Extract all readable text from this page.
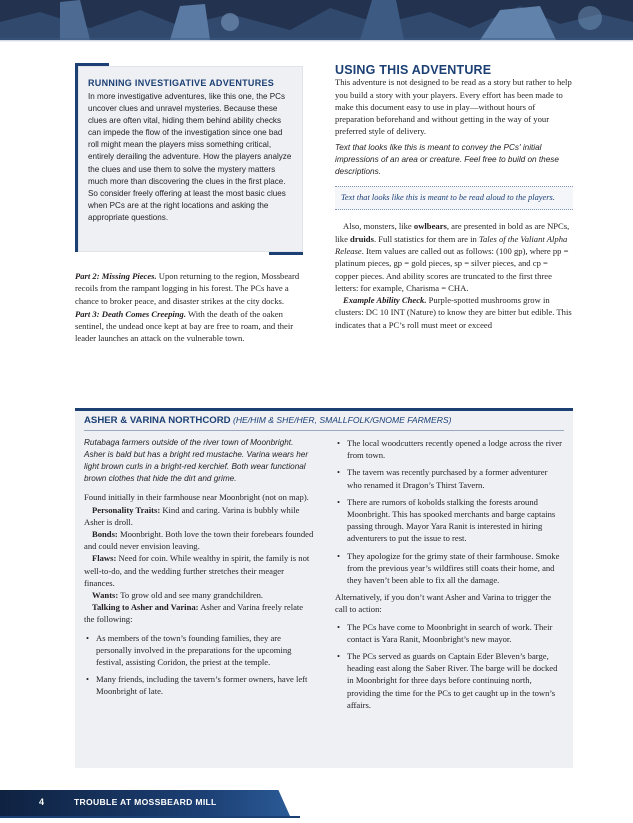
RUNNING INVESTIGATIVE ADVENTURES

In more investigative adventures, like this one, the PCs uncover clues and unravel mysteries. Because these clues are often vital, hiding them behind ability checks can impede the flow of the investigation since one bad roll might mean the players miss something critical, entirely derailing the adventure. How the players analyze the clues and use them to solve the mystery matters much more than discovering the clues in the first place. So consider freely offering at least the most basic clues when PCs are at the right locations and asking the appropriate questions.

Part 2: Missing Pieces. Upon returning to the region, Mossbeard recoils from the rampant logging in his forest. The PCs have a chance to broker peace, and disaster strikes at the city docks.

Part 3: Death Comes Creeping. With the death of the oaken sentinel, the undead once kept at bay are free to roam, and their leader launches an attack on the vulnerable town.

USING THIS ADVENTURE

This adventure is not designed to be read as a story but rather to help you build a story with your players. Every effort has been made to make this document easy to use in play—without hours of preparation beforehand and without getting in the way of your preferred style of delivery.

Text that looks like this is meant to convey the PCs' initial impressions of an area or creature. Feel free to build on these descriptions.

Text that looks like this is meant to be read aloud to the players.

Also, monsters, like owlbears, are presented in bold as are NPCs, like druids. Full statistics for them are in Tales of the Valiant Alpha Release. Item values are called out as follows: (100 gp), where pp = platinum pieces, gp = gold pieces, sp = silver pieces, and cp = copper pieces. And ability scores are truncated to the first three letters: for example, Charisma = CHA.

Example Ability Check. Purple-spotted mushrooms grow in clusters: DC 10 INT (Nature) to know they are bitter but edible. This indicates that a PC’s roll must meet or exceed

ASHER & VARINA NORTHCORD (HE/HIM & SHE/HER, SMALLFOLK/GNOME FARMERS)

Rutabaga farmers outside of the river town of Moonbright. Asher is bald but has a bright red mustache. Varina wears her light brown curls in a bright-red kerchief. Both wear functional brown clothes that hide the dirt and grime.

Found initially in their farmhouse near Moonbright (not on map).

Personality Traits: Kind and caring. Varina is bubbly while Asher is droll.

Bonds: Moonbright. Both love the town their forebears founded and could never envision leaving.

Flaws: Need for coin. While wealthy in spirit, the family is not well-to-do, and the wedding further stretches their meager finances.

Wants: To grow old and see many grandchildren.

Talking to Asher and Varina: Asher and Varina freely relate the following:

• As members of the town’s founding families, they are personally involved in the preparations for the upcoming festival, assisting Coridon, the priest at the temple.

• Many friends, including the tavern’s former owners, have left Moonbright of late.

• The local woodcutters recently opened a lodge across the river from town.

• The tavern was recently purchased by a former adventurer who renamed it Dragon’s Thirst Tavern.

• There are rumors of kobolds stalking the forests around Moonbright. This has spooked merchants and barge captains passing through. Mayor Yara Ranit is interested in hiring adventurers to put the issue to rest.

• They apologize for the grimy state of their farmhouse. Smoke from the previous year’s wildfires still coats their home, and they haven’t been able to fix all the damage.

Alternatively, if you don’t want Asher and Varina to trigger the call to action:

• The PCs have come to Moonbright in search of work. Their contact is Yara Ranit, Moonbright’s new mayor.

• The PCs served as guards on Captain Eder Bleven’s barge, heading east along the Saber River. The barge will be docked in Moonbright for three days before continuing north, providing the time for the PCs to get caught up in the town’s affairs.

4	TROUBLE AT MOSSBEARD MILL
